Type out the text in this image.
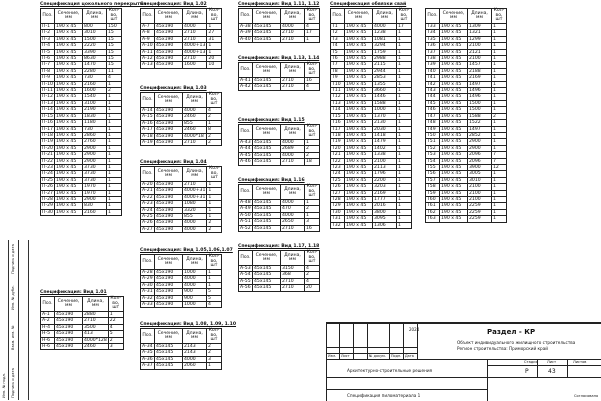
Спецификация цокольного перекрытия
Поз.	Сечение, мм	Длина, мм	Кол-во, шт
П-1	190 х 45	800	150
П-2	190 х 45	3010	15
П-3	190 х 45	1500	15
П-4	190 х 45	2220	15
П-5	190 х 45	3390	15
П-6	190 х 45	8630	15
П-7	190 х 45	1470	15
П-8	190 х 45	2280	11
П-9	190 х 45	730	4
П-10	190 х 45	2160	1
П-11	190 х 45	1600	2
П-12	190 х 45	1540	1
П-13	190 х 45	3100	1
П-14	190 х 45	2190	1
П-15	190 х 45	1830	1
П-16	190 х 45	1180	1
П-17	190 х 45	730	1
П-18	190 х 45	2860	1
П-19	190 х 45	2760	1
П-20	190 х 45	2900	1
П-21	190 х 45	2900	1
П-22	190 х 45	2900	1
П-23	190 х 45	3730	1
П-24	190 х 45	3730	1
П-25	190 х 45	3730	1
П-26	190 х 45	1970	1
П-27	190 х 45	1970	1
П-28	190 х 45	2900	1
П-29	190 х 45	830	1
П-30	190 х 45	2160	1
Спецификация: Вид 1.01
Поз.	Сечение, мм	Длина, мм	Кол-во, шт
А-1	45x190	2880	1
А-2	45x190	2710	22
Н-4	45x190	3500	4
Н-5	45x190	413	5
Н-6	45x190	4000*128	2
Н-6	45x190	2460	3
Спецификация: Вид 1.02
Поз.	Сечение, мм	Длина, мм	Кол-во, шт
А-7	45x190	4000	1
А-8	45x190	2710	27
А-9	45x190	2710	31
А-10	45x190	4000+13	1
А-11	45x190	4000+13	1
А-12	45x190	2710	20
А-13	45x190	1600	10
Спецификация: Вид 1.03
Поз.	Сечение, мм	Длина, мм	Кол-во, шт
А-14	45x190	4000	4
А-15	45x190	2460	2
А-16	45x190	855	1
А-17	45x190	2460	8
А-18	45x190	4000*18	2
А-19	45x190	2710	2
Спецификация: Вид 1.04
Поз.	Сечение, мм	Длина, мм	Кол-во, шт
А-20	45x190	2710	1
А-21	45x190	4000+31	1
А-22	45x190	4000+31	1
А-23	45x190	1080	1
А-24	45x190	3320	1
А-25	45x190	855	1
А-26	45x190	4000	2
А-27	45x190	4000	2
Спецификация: Вид 1.05,1.06,1.07
Поз.	Сечение, мм	Длина, мм	Кол-во, шт
А-28	45x190	1000	1
А-29	45x190	4000	1
А-30	45x190	4000	1
А-31	45x190	900	5
А-32	45x190	900	5
А-33	45x190	1000	4
Спецификация: Вид 1.08, 1.09, 1.10
Поз.	Сечение, мм	Длина, мм	Кол-во, шт
А-34	45x145	2143	2
А-35	45x145	2143	2
А-36	45x145	4000	3
А-37	45x145	2060	1
Спецификация: Вид 1.11, 1.12
Поз.	Сечение, мм	Длина, мм	Кол-во, шт
А-38	45x145	4000	4
А-39	45x145	2710	17
А-40	45x145	2710	1
Спецификация: Вид 1.13, 1.14
Поз.	Сечение, мм	Длина, мм	Кол-во, шт
А-41	45x145	2710	16
А-42	45x145	2710	4
Спецификация: Вид 1.15
Поз.	Сечение, мм	Длина, мм	Кол-во, шт
А-43	45x145	4000	1
А-44	45x145	2689	2
А-45	45x145	4000	2
А-46	45x145	2710	18
Спецификация: Вид 1.16
Поз.	Сечение, мм	Длина, мм	Кол-во, шт
А-48	45x145	4000	1
А-49	45x145	470	2
А-50	45x145	4000	1
А-51	45x145	2650	3
А-52	45x145	2710	16
Спецификация: Вид 1.17, 1.18
Поз.	Сечение, мм	Длина, мм	Кол-во, шт
А-53	45x145	3150	4
А-54	45x145	368	2
А-55	45x145	2710	4
А-56	45x145	2710	20
Спецификация обвязки свай
Поз.	Сечение, мм	Длина, мм	Кол-во, шт
Т1	190 х 45	4000	17
Т2	190 х 45	1238	1
Т3	190 х 45	1081	1
Т4	190 х 45	3294	1
Т5	190 х 45	1759	1
Т6	190 х 45	2988	1
Т7	190 х 45	2115	1
Т8	190 х 45	2944	1
Т9	190 х 45	2853	1
Т10	190 х 45	1355	1
Т11	190 х 45	3660	1
Т12	190 х 45	1446	1
Т13	190 х 45	1588	1
Т14	190 х 45	1000	1
Т15	190 х 45	1370	1
Т16	190 х 45	2130	1
Т17	190 х 45	2030	1
Т18	190 х 45	1418	1
Т19	190 х 45	1479	1
Т20	190 х 45	1402	1
Т21	190 х 45	1338	1
Т22	190 х 45	2100	1
Т23	190 х 45	2113	1
Т24	190 х 45	1796	1
Т25	190 х 45	2200	1
Т26	190 х 45	3203	1
Т27	190 х 45	2169	1
Т28	190 х 45	1777	1
Т29	190 х 45	2016	1
Т30	190 х 45	3800	1
Т31	190 х 45	3095	1
Т32	190 х 45	1306	1
Поз.	Сечение, мм	Длина, мм	Кол-во, шт
Т33	190 х 45	1309	1
Т34	190 х 45	1321	1
Т35	190 х 45	1299	1
Т36	190 х 45	2100	1
Т37	190 х 45	2121	1
Т38	190 х 45	2100	1
Т39	190 х 45	1457	1
Т40	190 х 45	2188	1
Т41	190 х 45	2169	1
Т42	190 х 45	1497	1
Т43	190 х 45	1496	1
Т44	190 х 45	1496	1
Т45	190 х 45	1500	1
Т46	190 х 45	1500	1
Т47	190 х 45	1588	2
Т48	190 х 45	1522	1
Т49	190 х 45	1497	1
Т50	190 х 45	2852	1
Т51	190 х 45	2900	1
Т52	190 х 45	2900	1
Т53	190 х 45	2096	7
Т54	190 х 45	2096	7
Т55	190 х 45	3900	12
Т56	190 х 45	3005	1
Т57	190 х 45	3010	1
Т58	190 х 45	2100	1
Т59	190 х 45	2100	1
Т60	190 х 45	2100	1
Т61	190 х 45	2259	1
Т62	190 х 45	2259	1
Т63	190 х 45	2259	1
Инв. № подл. Подпись и дата
Взам. инв. №
Инв. № дубл.
Подпись и дата
Согласовано
2024	Раздел - КР
Объект индивидуального жилищного строительства
Регион строительства: Приморский край
Изм. Лист	№ докум. Подп. Дата
Стадия	Лист	Листов
Р	43
Архитектурно-строительные решения
Спецификация пиломатериала 1
